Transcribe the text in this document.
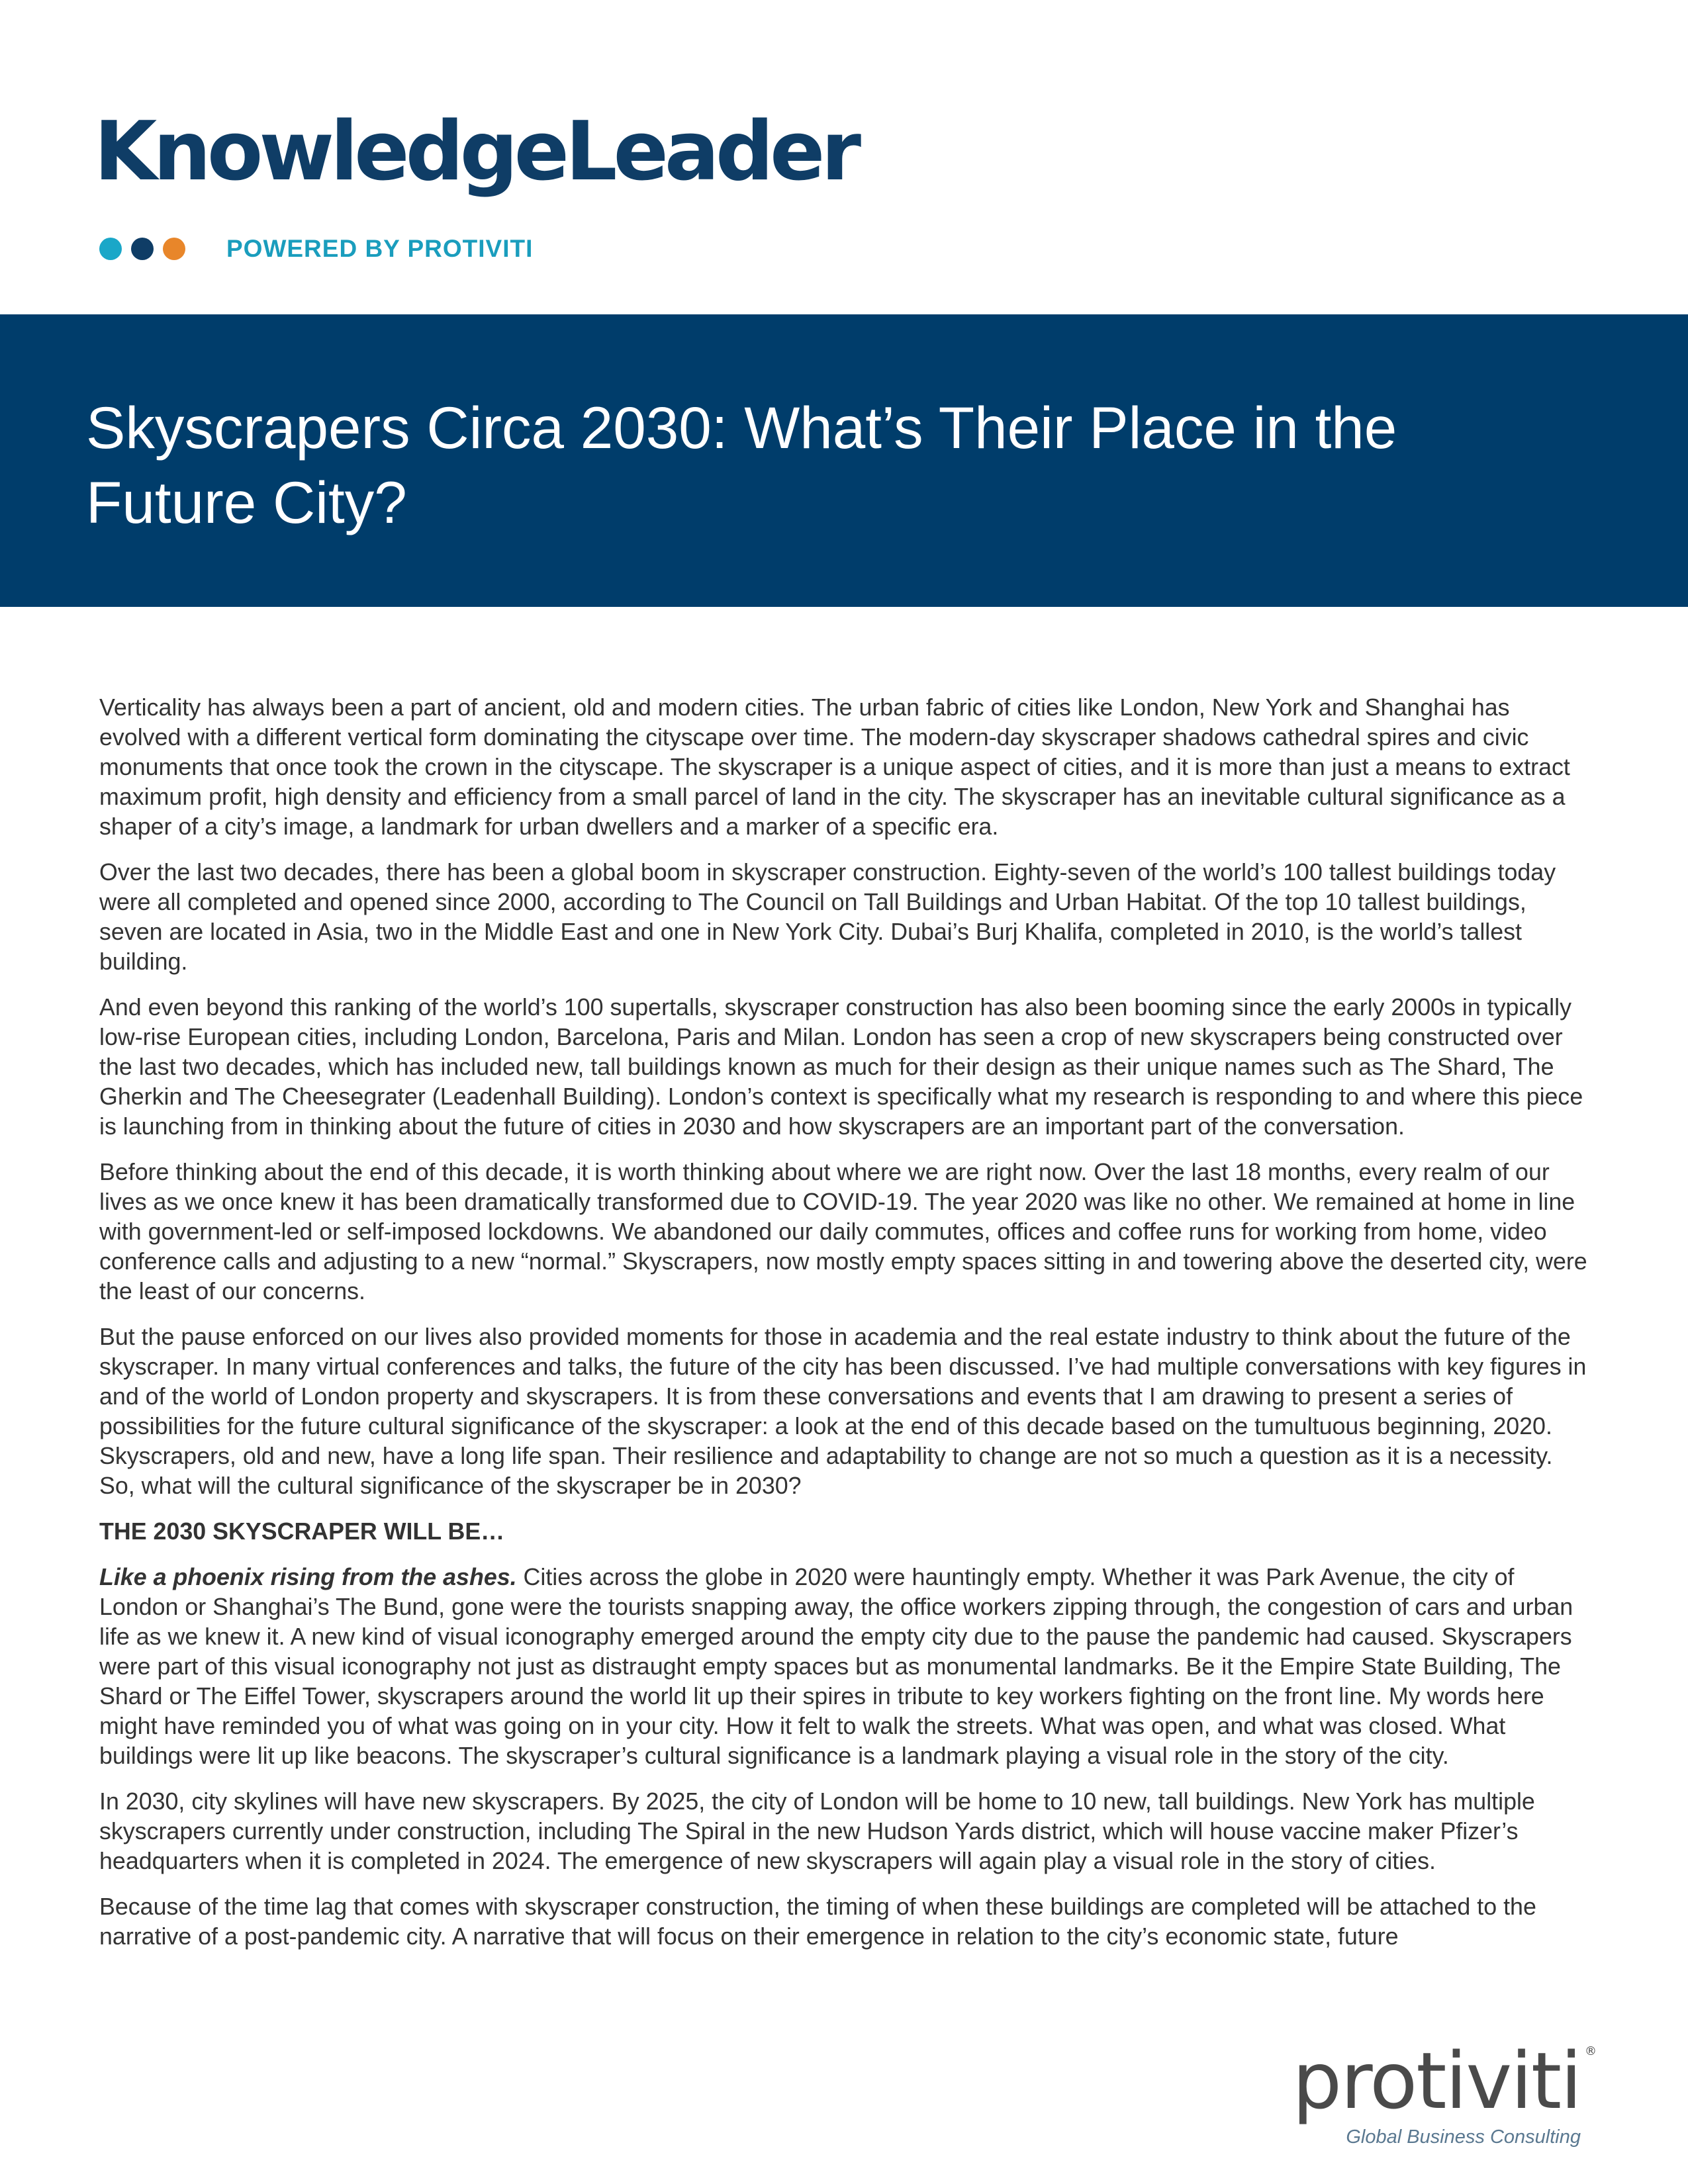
KnowledgeLeader
POWERED BY PROTIVITI
Skyscrapers Circa 2030: What’s Their Place in the Future City?

Verticality has always been a part of ancient, old and modern cities. The urban fabric of cities like London, New York and Shanghai has evolved with a different vertical form dominating the cityscape over time. The modern-day skyscraper shadows cathedral spires and civic monuments that once took the crown in the cityscape. The skyscraper is a unique aspect of cities, and it is more than just a means to extract maximum profit, high density and efficiency from a small parcel of land in the city. The skyscraper has an inevitable cultural significance as a shaper of a city’s image, a landmark for urban dwellers and a marker of a specific era.

Over the last two decades, there has been a global boom in skyscraper construction. Eighty-seven of the world’s 100 tallest buildings today were all completed and opened since 2000, according to The Council on Tall Buildings and Urban Habitat. Of the top 10 tallest buildings, seven are located in Asia, two in the Middle East and one in New York City. Dubai’s Burj Khalifa, completed in 2010, is the world’s tallest building.

And even beyond this ranking of the world’s 100 supertalls, skyscraper construction has also been booming since the early 2000s in typically low-rise European cities, including London, Barcelona, Paris and Milan. London has seen a crop of new skyscrapers being constructed over the last two decades, which has included new, tall buildings known as much for their design as their unique names such as The Shard, The Gherkin and The Cheesegrater (Leadenhall Building). London’s context is specifically what my research is responding to and where this piece is launching from in thinking about the future of cities in 2030 and how skyscrapers are an important part of the conversation.

Before thinking about the end of this decade, it is worth thinking about where we are right now. Over the last 18 months, every realm of our lives as we once knew it has been dramatically transformed due to COVID-19. The year 2020 was like no other. We remained at home in line with government-led or self-imposed lockdowns. We abandoned our daily commutes, offices and coffee runs for working from home, video conference calls and adjusting to a new “normal.” Skyscrapers, now mostly empty spaces sitting in and towering above the deserted city, were the least of our concerns.

But the pause enforced on our lives also provided moments for those in academia and the real estate industry to think about the future of the skyscraper. In many virtual conferences and talks, the future of the city has been discussed. I’ve had multiple conversations with key figures in and of the world of London property and skyscrapers. It is from these conversations and events that I am drawing to present a series of possibilities for the future cultural significance of the skyscraper: a look at the end of this decade based on the tumultuous beginning, 2020. Skyscrapers, old and new, have a long life span. Their resilience and adaptability to change are not so much a question as it is a necessity. So, what will the cultural significance of the skyscraper be in 2030?

THE 2030 SKYSCRAPER WILL BE…

Like a phoenix rising from the ashes. Cities across the globe in 2020 were hauntingly empty. Whether it was Park Avenue, the city of London or Shanghai’s The Bund, gone were the tourists snapping away, the office workers zipping through, the congestion of cars and urban life as we knew it. A new kind of visual iconography emerged around the empty city due to the pause the pandemic had caused. Skyscrapers were part of this visual iconography not just as distraught empty spaces but as monumental landmarks. Be it the Empire State Building, The Shard or The Eiffel Tower, skyscrapers around the world lit up their spires in tribute to key workers fighting on the front line. My words here might have reminded you of what was going on in your city. How it felt to walk the streets. What was open, and what was closed. What buildings were lit up like beacons. The skyscraper’s cultural significance is a landmark playing a visual role in the story of the city.

In 2030, city skylines will have new skyscrapers. By 2025, the city of London will be home to 10 new, tall buildings. New York has multiple skyscrapers currently under construction, including The Spiral in the new Hudson Yards district, which will house vaccine maker Pfizer’s headquarters when it is completed in 2024. The emergence of new skyscrapers will again play a visual role in the story of cities.

Because of the time lag that comes with skyscraper construction, the timing of when these buildings are completed will be attached to the narrative of a post-pandemic city. A narrative that will focus on their emergence in relation to the city’s economic state, future

protiviti ®
Global Business Consulting
